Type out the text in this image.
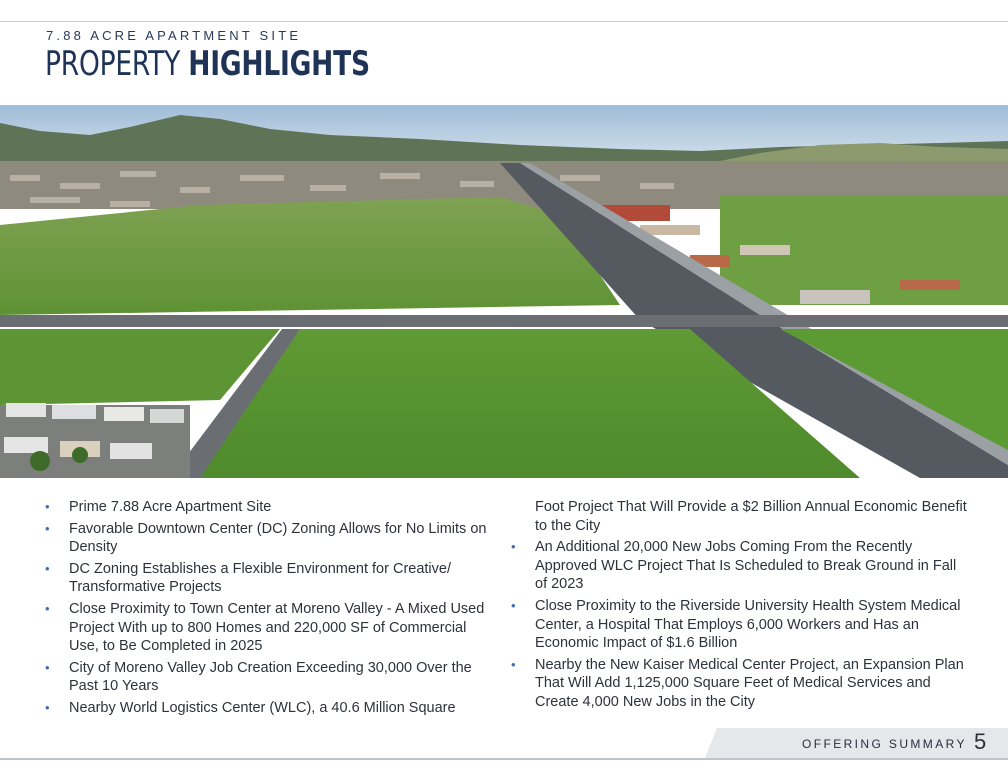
7.88 ACRE APARTMENT SITE
PROPERTY HIGHLIGHTS
• Prime 7.88 Acre Apartment Site
• Favorable Downtown Center (DC) Zoning Allows for No Limits on Density
• DC Zoning Establishes a Flexible Environment for Creative/ Transformative Projects
• Close Proximity to Town Center at Moreno Valley - A Mixed Used Project With up to 800 Homes and 220,000 SF of Commercial Use, to Be Completed in 2025
• City of Moreno Valley Job Creation Exceeding 30,000 Over the Past 10 Years
• Nearby World Logistics Center (WLC), a 40.6 Million Square
Foot Project That Will Provide a $2 Billion Annual Economic Benefit to the City
• An Additional 20,000 New Jobs Coming From the Recently Approved WLC Project That Is Scheduled to Break Ground in Fall of 2023
• Close Proximity to the Riverside University Health System Medical Center, a Hospital That Employs 6,000 Workers and Has an Economic Impact of $1.6 Billion
• Nearby the New Kaiser Medical Center Project, an Expansion Plan That Will Add 1,125,000 Square Feet of Medical Services and Create 4,000 New Jobs in the City
OFFERING SUMMARY 5
